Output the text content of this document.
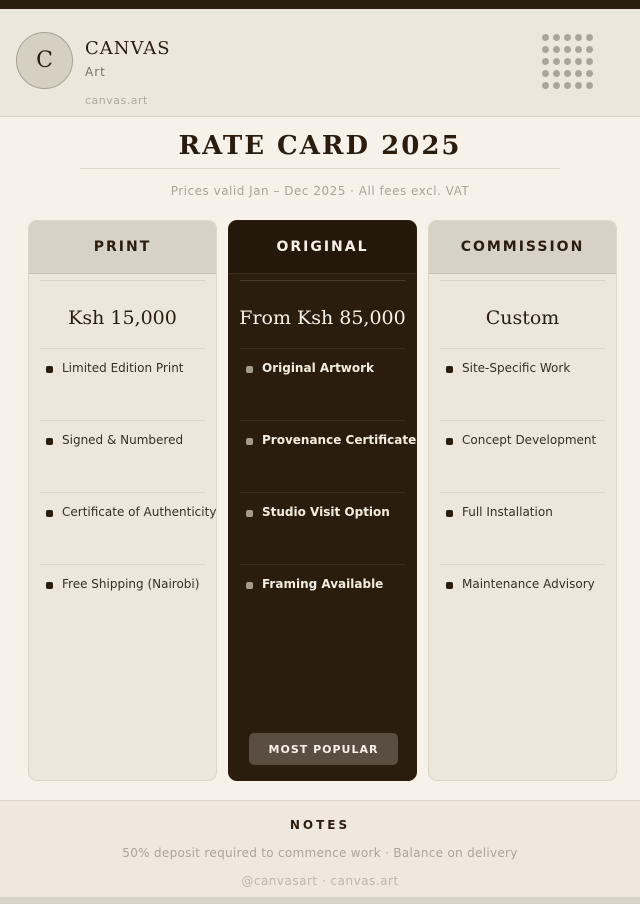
C	CANVAS
Art
canvas.art
RATE CARD 2025
Prices valid Jan – Dec 2025 · All fees excl. VAT
PRINT
Ksh 15,000
Limited Edition Print
Signed & Numbered
Certificate of Authenticity
Free Shipping (Nairobi)
ORIGINAL
From Ksh 85,000
Original Artwork
Provenance Certificate
Studio Visit Option
Framing Available
MOST POPULAR
COMMISSION
Custom
Site-Specific Work
Concept Development
Full Installation
Maintenance Advisory
NOTES
50% deposit required to commence work · Balance on delivery
@canvasart · canvas.art
